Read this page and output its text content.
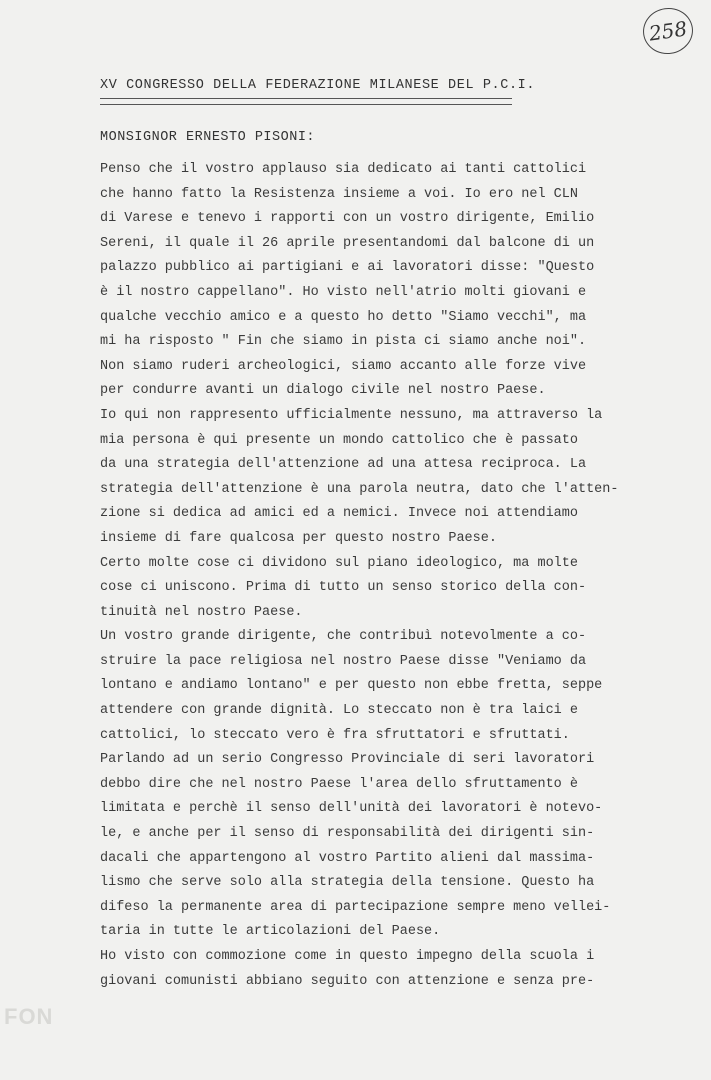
258
XV CONGRESSO DELLA FEDERAZIONE MILANESE DEL P.C.I.
MONSIGNOR ERNESTO PISONI:
Penso che il vostro applauso sia dedicato ai tanti cattolici
che hanno fatto la Resistenza insieme a voi. Io ero nel CLN
di Varese e tenevo i rapporti con un vostro dirigente, Emilio
Sereni, il quale il 26 aprile presentandomi dal balcone di un
palazzo pubblico ai partigiani e ai lavoratori disse: "Questo
è il nostro cappellano". Ho visto nell'atrio molti giovani e
qualche vecchio amico e a questo ho detto "Siamo vecchi", ma
mi ha risposto " Fin che siamo in pista ci siamo anche noi".
Non siamo ruderi archeologici, siamo accanto alle forze vive
per condurre avanti un dialogo civile nel nostro Paese.
Io qui non rappresento ufficialmente nessuno, ma attraverso la
mia persona è qui presente un mondo cattolico che è passato
da una strategia dell'attenzione ad una attesa reciproca. La
strategia dell'attenzione è una parola neutra, dato che l'atten-
zione si dedica ad amici ed a nemici. Invece noi attendiamo
insieme di fare qualcosa per questo nostro Paese.
Certo molte cose ci dividono sul piano ideologico, ma molte
cose ci uniscono. Prima di tutto un senso storico della con-
tinuità nel nostro Paese.
Un vostro grande dirigente, che contribuì notevolmente a co-
struire la pace religiosa nel nostro Paese disse "Veniamo da
lontano e andiamo lontano" e per questo non ebbe fretta, seppe
attendere con grande dignità. Lo steccato non è tra laici e
cattolici, lo steccato vero è fra sfruttatori e sfruttati.
Parlando ad un serio Congresso Provinciale di seri lavoratori
debbo dire che nel nostro Paese l'area dello sfruttamento è
limitata e perchè il senso dell'unità dei lavoratori è notevo-
le, e anche per il senso di responsabilità dei dirigenti sin-
dacali che appartengono al vostro Partito alieni dal massima-
lismo che serve solo alla strategia della tensione. Questo ha
difeso la permanente area di partecipazione sempre meno vellei-
taria in tutte le articolazioni del Paese.
Ho visto con commozione come in questo impegno della scuola i
giovani comunisti abbiano seguito con attenzione e senza pre-
FON
